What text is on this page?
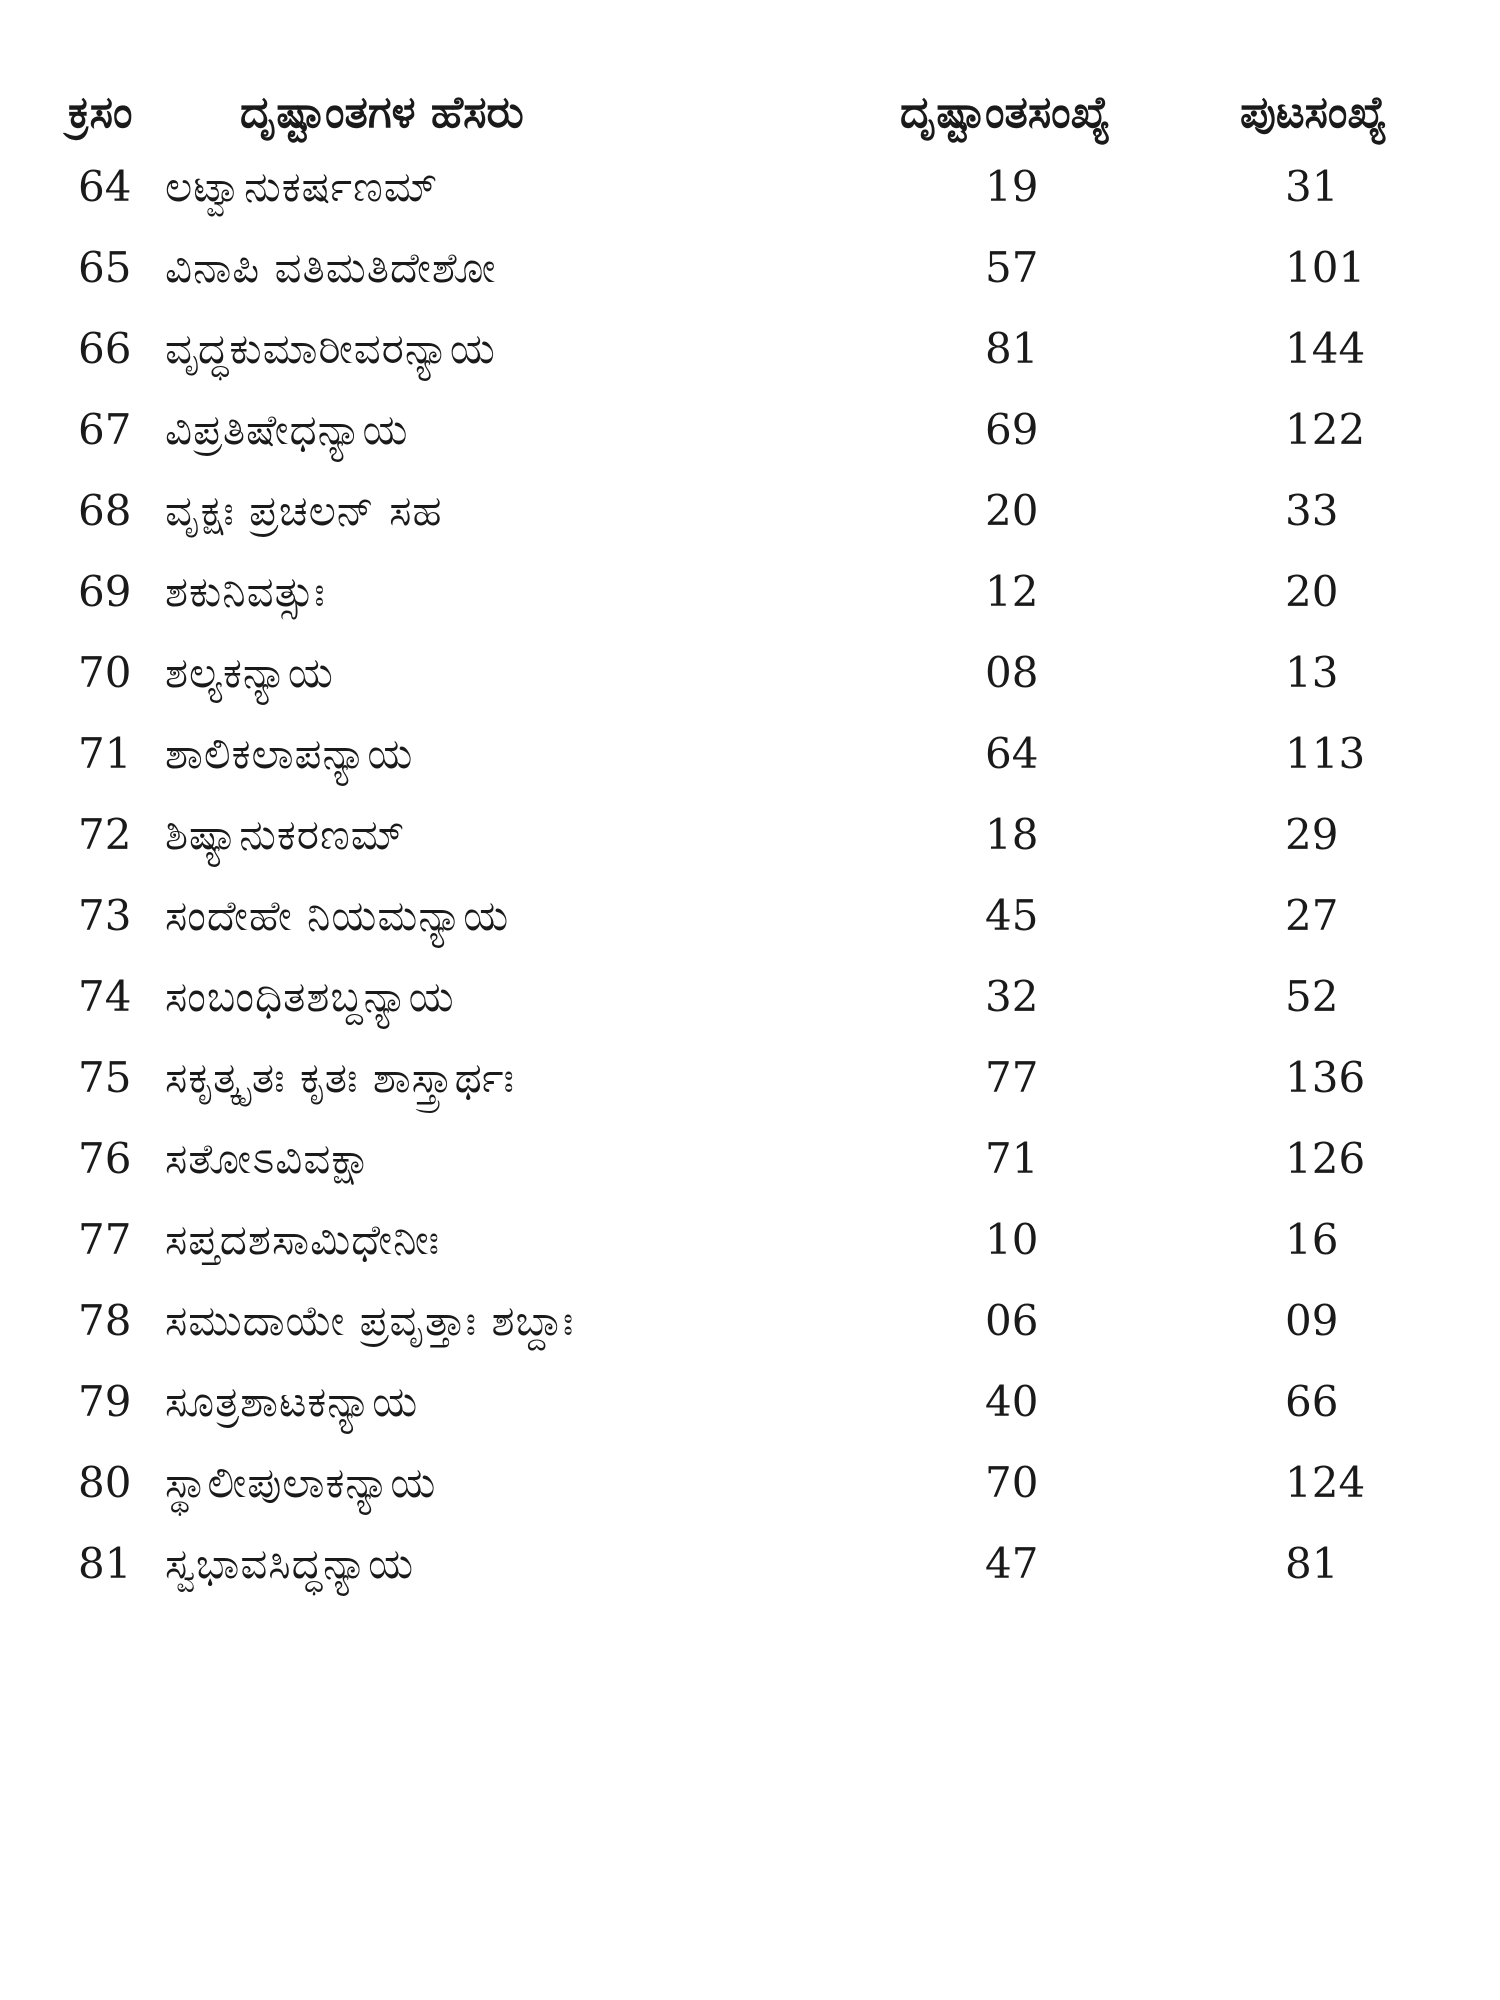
ಕ್ರಸಂ ದೃಷ್ಟಾಂತಗಳ ಹೆಸರು	ದೃಷ್ಟಾಂತಸಂಖ್ಯೆ	ಪುಟಸಂಖ್ಯೆ
64 ಲಟ್ವಾನುಕರ್ಷಣಮ್	19	31
65 ವಿನಾಪಿ ವತಿಮತಿದೇಶೋ	57	101
66 ವೃದ್ಧಕುಮಾರೀವರನ್ಯಾಯ	81	144
67 ವಿಪ್ರತಿಷೇಧನ್ಯಾಯ	69	122
68 ವೃಕ್ಷಃ ಪ್ರಚಲನ್ ಸಹ	20	33
69 ಶಕುನಿವತ್ಸುಃ	12	20
70 ಶಲ್ಯಕನ್ಯಾಯ	08	13
71 ಶಾಲಿಕಲಾಪನ್ಯಾಯ	64	113
72 ಶಿಷ್ಯಾನುಕರಣಮ್	18	29
73 ಸಂದೇಹೇ ನಿಯಮನ್ಯಾಯ	45	27
74 ಸಂಬಂಧಿತಶಬ್ದನ್ಯಾಯ	32	52
75 ಸಕೃತ್ಕೃತಃ ಕೃತಃ ಶಾಸ್ತ್ರಾರ್ಥಃ	77	136
76 ಸತೋಽವಿವಕ್ಷಾ	71	126
77 ಸಪ್ತದಶಸಾಮಿಧೇನೀಃ	10	16
78 ಸಮುದಾಯೇ ಪ್ರವೃತ್ತಾಃ ಶಬ್ದಾಃ	06	09
79 ಸೂತ್ರಶಾಟಕನ್ಯಾಯ	40	66
80 ಸ್ಥಾಲೀಪುಲಾಕನ್ಯಾಯ	70	124
81 ಸ್ವಭಾವಸಿದ್ಧನ್ಯಾಯ	47	81
